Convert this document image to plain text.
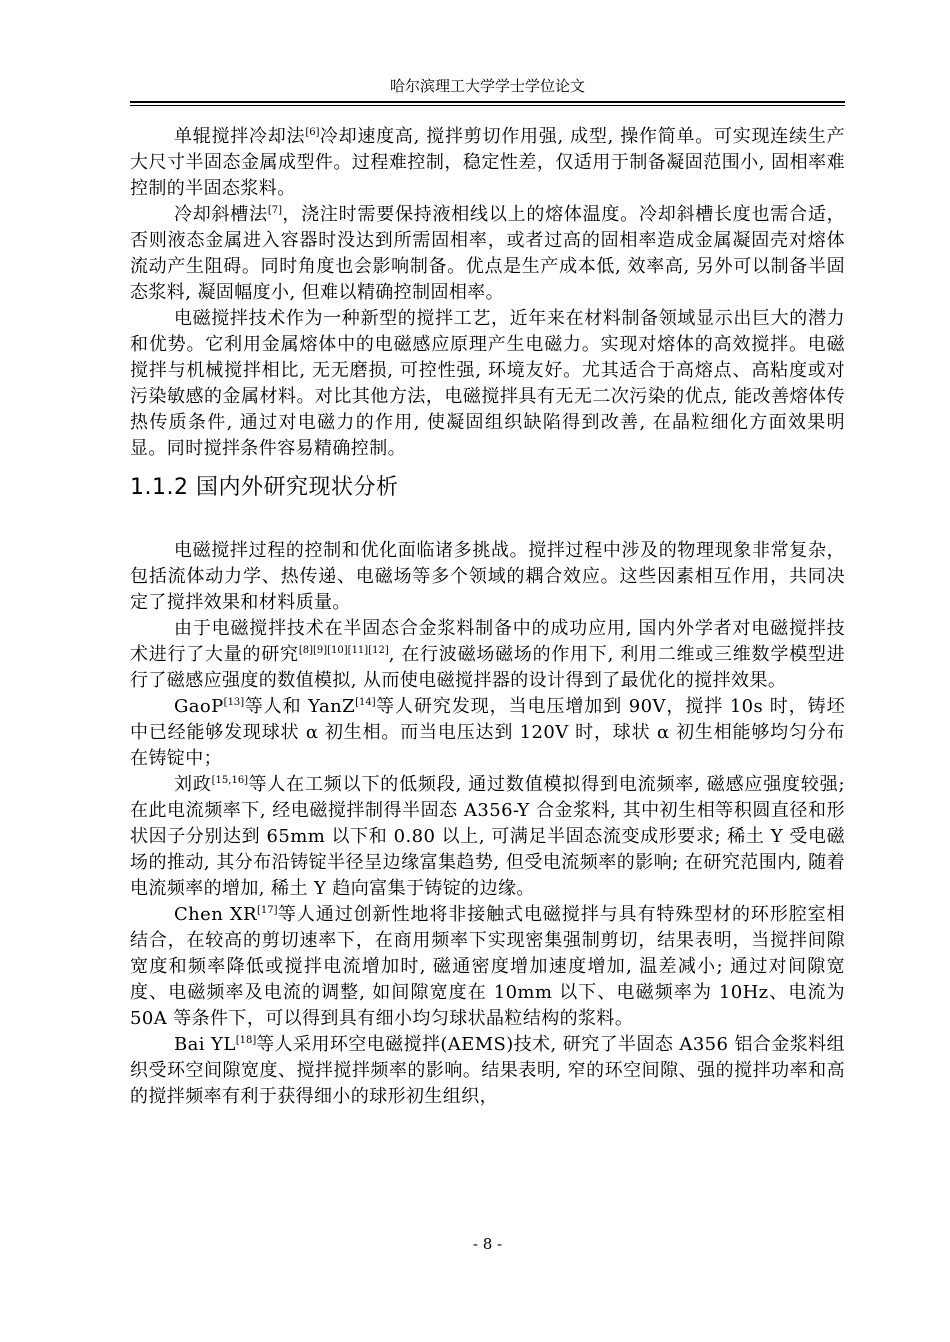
哈尔滨理工大学学士学位论文

单辊搅拌冷却法[6]冷却速度高, 搅拌剪切作用强, 成型, 操作简单。可实现连续生产大尺寸半固态金属成型件。过程难控制，稳定性差，仅适用于制备凝固范围小, 固相率难控制的半固态浆料。

冷却斜槽法[7]，浇注时需要保持液相线以上的熔体温度。冷却斜槽长度也需合适，否则液态金属进入容器时没达到所需固相率，或者过高的固相率造成金属凝固壳对熔体流动产生阻碍。同时角度也会影响制备。优点是生产成本低, 效率高, 另外可以制备半固态浆料, 凝固幅度小, 但难以精确控制固相率。

电磁搅拌技术作为一种新型的搅拌工艺，近年来在材料制备领域显示出巨大的潜力和优势。它利用金属熔体中的电磁感应原理产生电磁力。实现对熔体的高效搅拌。电磁搅拌与机械搅拌相比, 无无磨损, 可控性强, 环境友好。尤其适合于高熔点、高粘度或对污染敏感的金属材料。对比其他方法，电磁搅拌具有无无二次污染的优点, 能改善熔体传热传质条件, 通过对电磁力的作用, 使凝固组织缺陷得到改善, 在晶粒细化方面效果明显。同时搅拌条件容易精确控制。

1.1.2 国内外研究现状分析

电磁搅拌过程的控制和优化面临诸多挑战。搅拌过程中涉及的物理现象非常复杂，包括流体动力学、热传递、电磁场等多个领域的耦合效应。这些因素相互作用，共同决定了搅拌效果和材料质量。

由于电磁搅拌技术在半固态合金浆料制备中的成功应用, 国内外学者对电磁搅拌技术进行了大量的研究[8][9][10][11][12], 在行波磁场磁场的作用下, 利用二维或三维数学模型进行了磁感应强度的数值模拟, 从而使电磁搅拌器的设计得到了最优化的搅拌效果。

GaoP[13]等人和 YanZ[14]等人研究发现，当电压增加到 90V，搅拌 10s 时，铸坯中已经能够发现球状 α 初生相。而当电压达到 120V 时，球状 α 初生相能够均匀分布在铸锭中；

刘政[15,16]等人在工频以下的低频段, 通过数值模拟得到电流频率, 磁感应强度较强; 在此电流频率下, 经电磁搅拌制得半固态 A356-Y 合金浆料, 其中初生相等积圆直径和形状因子分别达到 65mm 以下和 0.80 以上, 可满足半固态流变成形要求; 稀土 Y 受电磁场的推动, 其分布沿铸锭半径呈边缘富集趋势, 但受电流频率的影响; 在研究范围内, 随着电流频率的增加, 稀土 Y 趋向富集于铸锭的边缘。

Chen XR[17]等人通过创新性地将非接触式电磁搅拌与具有特殊型材的环形腔室相结合，在较高的剪切速率下，在商用频率下实现密集强制剪切，结果表明，当搅拌间隙宽度和频率降低或搅拌电流增加时, 磁通密度增加速度增加, 温差减小; 通过对间隙宽度、电磁频率及电流的调整, 如间隙宽度在 10mm 以下、电磁频率为 10Hz、电流为 50A 等条件下，可以得到具有细小均匀球状晶粒结构的浆料。

Bai YL[18]等人采用环空电磁搅拌(AEMS)技术, 研究了半固态 A356 铝合金浆料组织受环空间隙宽度、搅拌搅拌频率的影响。结果表明, 窄的环空间隙、强的搅拌功率和高的搅拌频率有利于获得细小的球形初生组织，

- 8 -
